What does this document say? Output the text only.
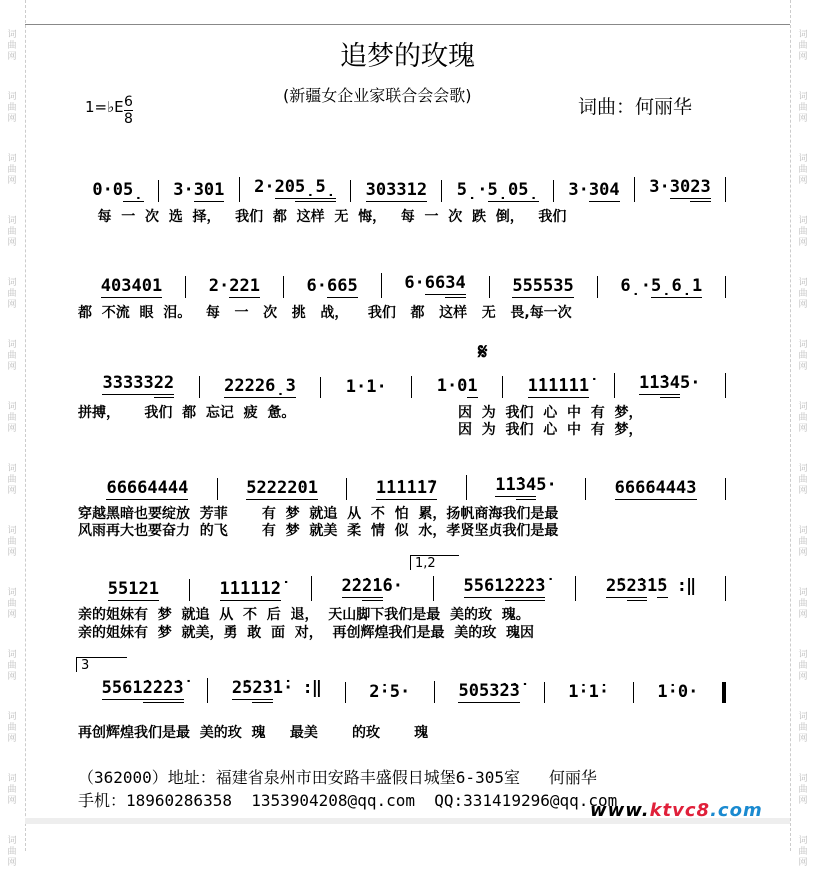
词曲网
词曲网
词曲网
词曲网
词曲网
词曲网
词曲网
词曲网
词曲网
词曲网
词曲网
词曲网
词曲网
词曲网
词曲网
词曲网
词曲网
词曲网
词曲网
词曲网
词曲网
词曲网
词曲网
词曲网
词曲网
词曲网
词曲网
词曲网
追梦的玫瑰
(新疆女企业家联合会会歌)
1=♭E $\frac{6}{8}$	词曲：何丽华
𝄋
0·05̣	3·301	2·205̣5̣	303312	5̣·5̣05̣	3·304	3·3023
每  一  次  选  择，   我们  都  这样  无  悔，   每  一  次  跌  倒，   我们
403401	2·221	6·665	6·6634	555535	6̣·5̣6̣1
都  不流  眼  泪。   每   一   次   挑   战，    我们   都   这样   无   畏,每一次
3333322	22226̣3	1·1·	1·01	1̇1̇1̇1̇1̇1̇	1̇1̇345·
拼搏，     我们  都  忘记  疲  惫。	因  为  我们  心  中  有  梦，
因  为  我们  心  中  有  梦，
66664444	5222201	1̇1̇1̇1̇1̇7	1̇1̇345·	66664443
穿越黑暗也要绽放  芳菲       有  梦  就追  从  不  怕  累，扬帆商海我们是最
风雨再大也要奋力  的飞       有  梦  就美  柔  情  似  水，孝贤坚贞我们是最
55121	1̇1̇1̇1̇1̇2̇	2̇2̇2̇1̇6·	5561̇2̇2̇2̇3̇	2̇52̇3̇1̇5 :‖
1,2
亲的姐妹有  梦  就追  从  不  后  退，  天山脚下我们是最  美的玫  瑰。
亲的姐妹有  梦  就美，勇  敢  面  对，  再创辉煌我们是最  美的玫  瑰因
5561̇2̇2̇2̇3̇	2̇52̇3̇1̇· :‖	2̇·5·	5053̇2̇3̇	1̇·1̇·	1̇·0·
3
再创辉煌我们是最  美的玫  瑰     最美       的玫       瑰
（362000）地址：福建省泉州市田安路丰盛假日城堡6-305室   何丽华
手机：18960286358  1353904208@qq.com  QQ:331419296@qq.com
www.ktvc8.com
